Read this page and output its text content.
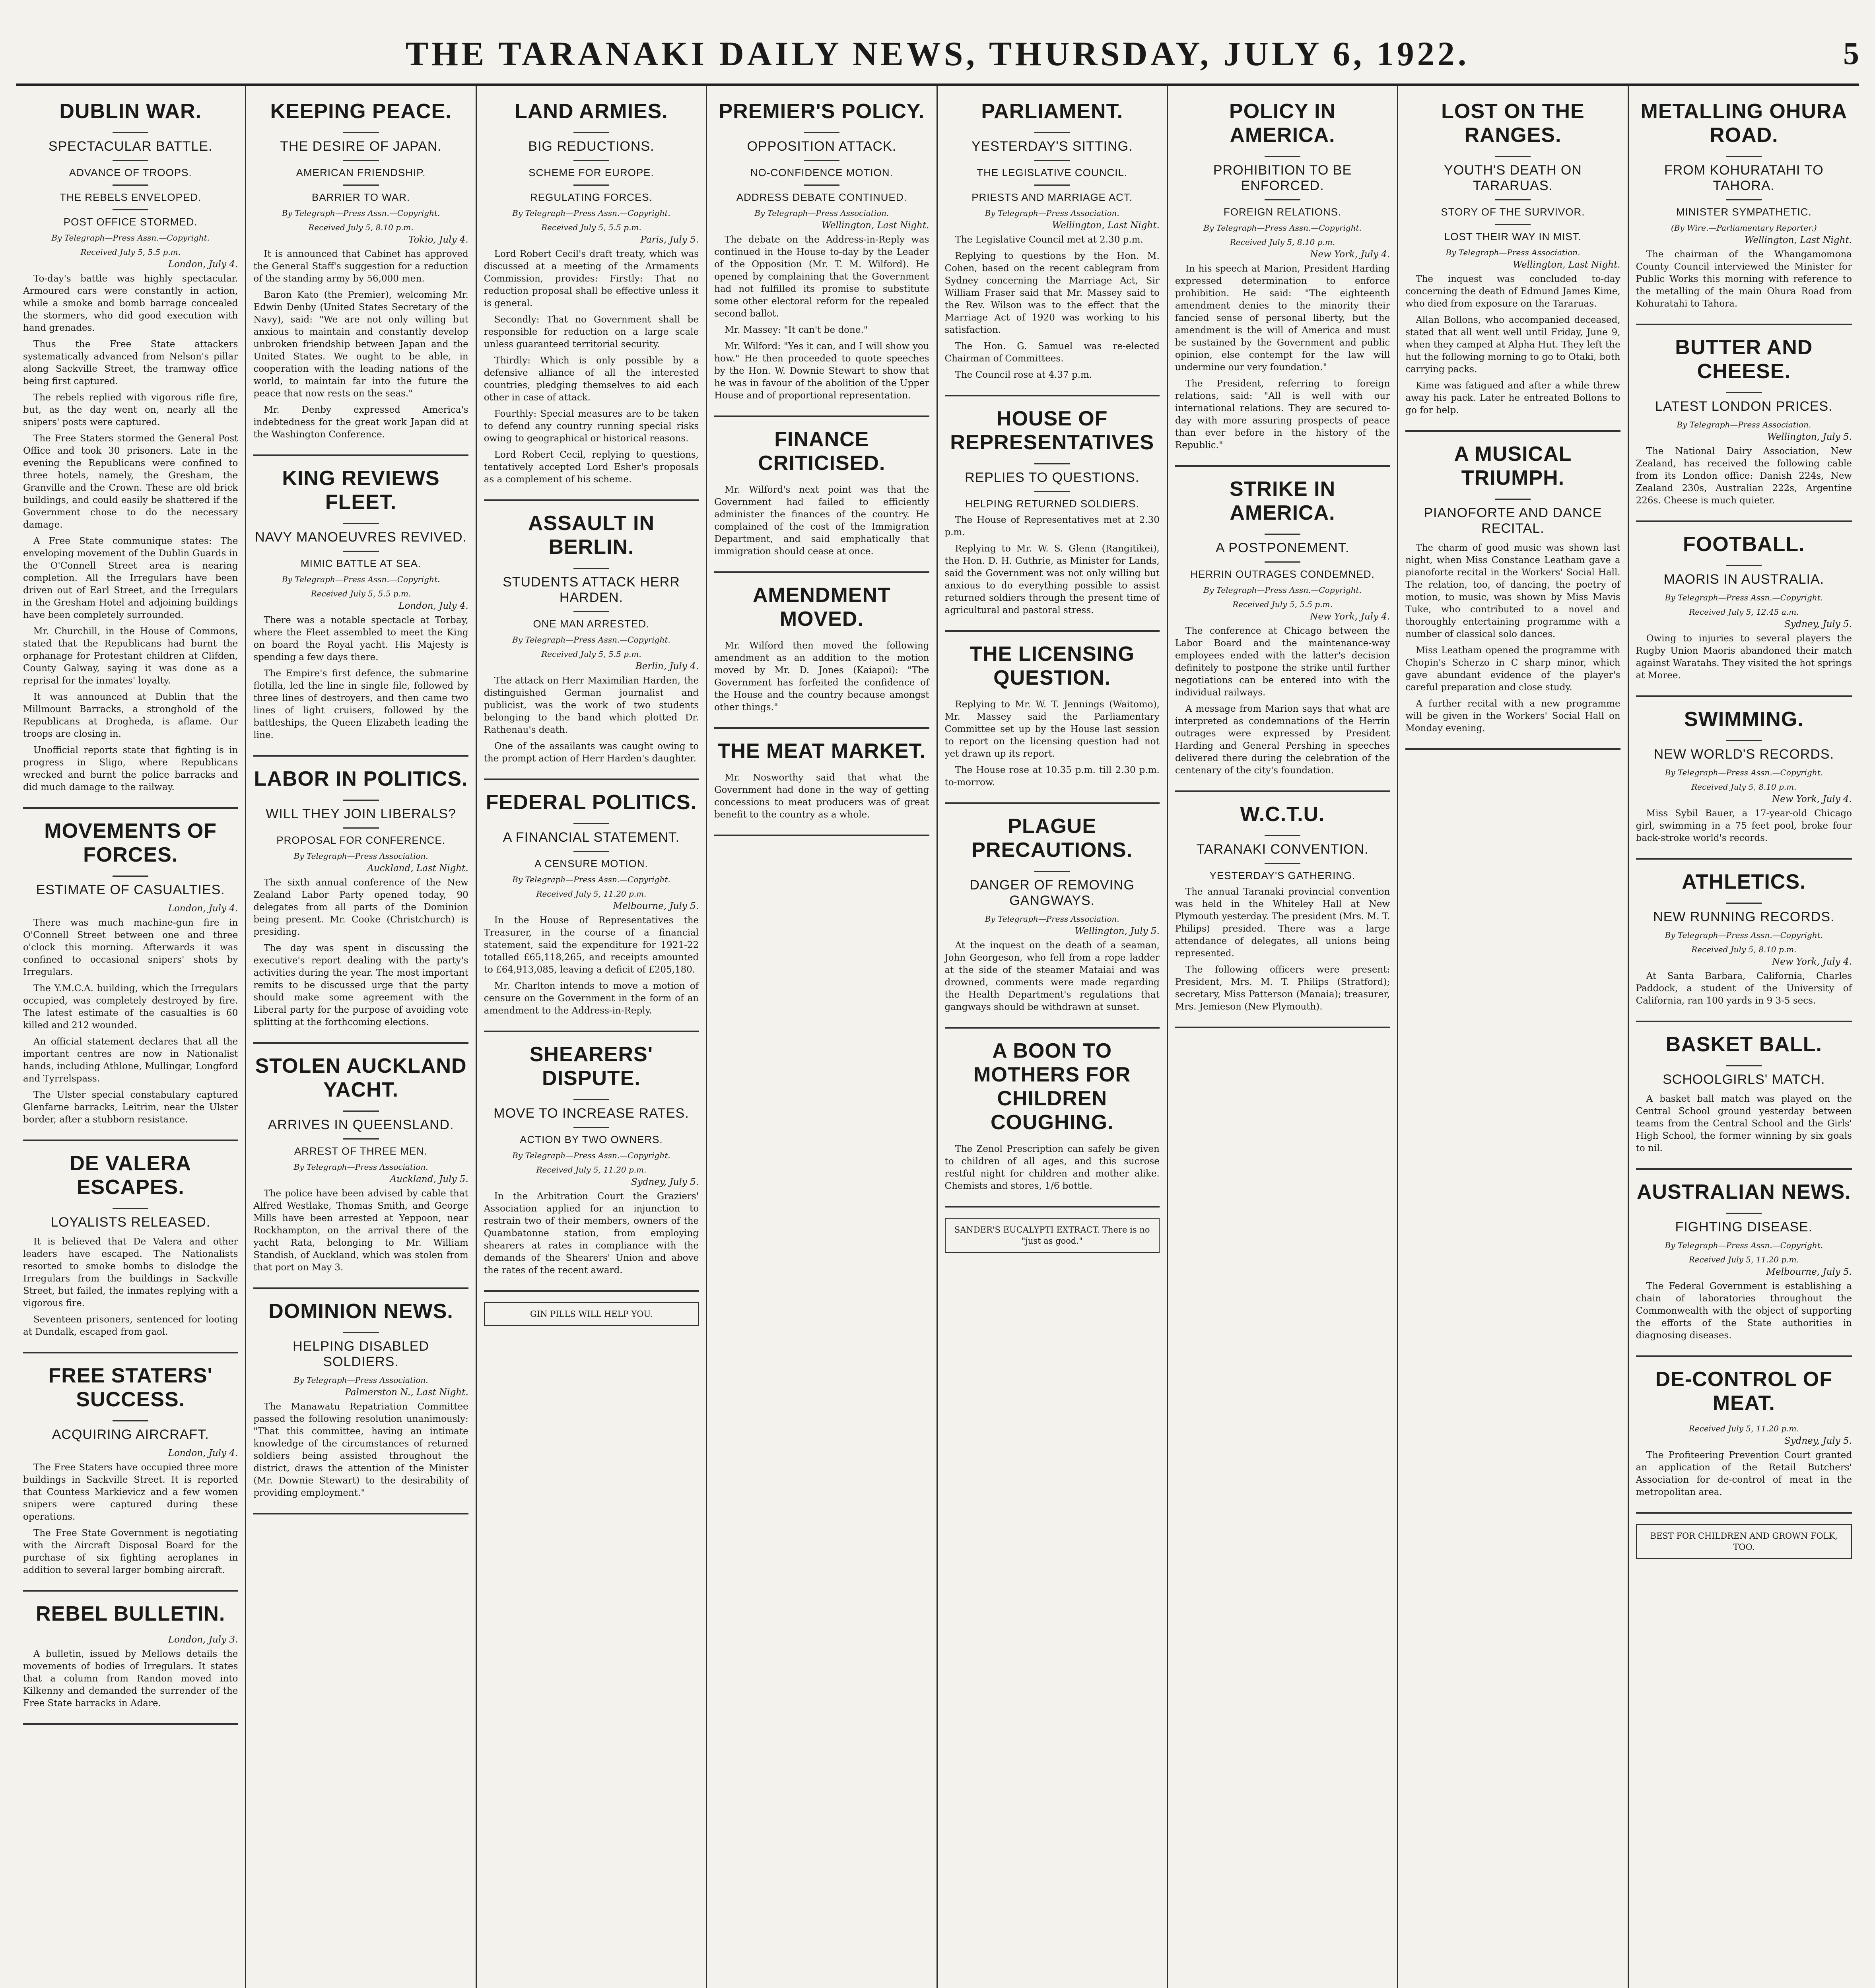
THE TARANAKI DAILY NEWS, THURSDAY, JULY 6, 1922.	5
DUBLIN WAR.
SPECTACULAR BATTLE.
ADVANCE OF TROOPS.
THE REBELS ENVELOPED.
POST OFFICE STORMED.
By Telegraph—Press Assn.—Copyright.
Received July 5, 5.5 p.m.
London, July 4.

To-day's battle was highly spectacular. Armoured cars were constantly in action, while a smoke and bomb barrage concealed the stormers, who did good execution with hand grenades.

Thus the Free State attackers systematically advanced from Nelson's pillar along Sackville Street, the tramway office being first captured.

The rebels replied with vigorous rifle fire, but, as the day went on, nearly all the snipers' posts were captured.

The Free Staters stormed the General Post Office and took 30 prisoners. Late in the evening the Republicans were confined to three hotels, namely, the Gresham, the Granville and the Crown. These are old brick buildings, and could easily be shattered if the Government chose to do the necessary damage.

A Free State communique states: The enveloping movement of the Dublin Guards in the O'Connell Street area is nearing completion. All the Irregulars have been driven out of Earl Street, and the Irregulars in the Gresham Hotel and adjoining buildings have been completely surrounded.

Mr. Churchill, in the House of Commons, stated that the Republicans had burnt the orphanage for Protestant children at Clifden, County Galway, saying it was done as a reprisal for the inmates' loyalty.

It was announced at Dublin that the Millmount Barracks, a stronghold of the Republicans at Drogheda, is aflame. Our troops are closing in.

Unofficial reports state that fighting is in progress in Sligo, where Republicans wrecked and burnt the police barracks and did much damage to the railway.

MOVEMENTS OF FORCES.
ESTIMATE OF CASUALTIES.
London, July 4.

There was much machine-gun fire in O'Connell Street between one and three o'clock this morning. Afterwards it was confined to occasional snipers' shots by Irregulars.

The Y.M.C.A. building, which the Irregulars occupied, was completely destroyed by fire. The latest estimate of the casualties is 60 killed and 212 wounded.

An official statement declares that all the important centres are now in Nationalist hands, including Athlone, Mullingar, Longford and Tyrrelspass.

The Ulster special constabulary captured Glenfarne barracks, Leitrim, near the Ulster border, after a stubborn resistance.

DE VALERA ESCAPES.
LOYALISTS RELEASED.

It is believed that De Valera and other leaders have escaped. The Nationalists resorted to smoke bombs to dislodge the Irregulars from the buildings in Sackville Street, but failed, the inmates replying with a vigorous fire.

Seventeen prisoners, sentenced for looting at Dundalk, escaped from gaol.

FREE STATERS' SUCCESS.
ACQUIRING AIRCRAFT.
London, July 4.

The Free Staters have occupied three more buildings in Sackville Street. It is reported that Countess Markievicz and a few women snipers were captured during these operations.

The Free State Government is negotiating with the Aircraft Disposal Board for the purchase of six fighting aeroplanes in addition to several larger bombing aircraft.

REBEL BULLETIN.
London, July 3.

A bulletin, issued by Mellows details the movements of bodies of Irregulars. It states that a column from Randon moved into Kilkenny and demanded the surrender of the Free State barracks in Adare.

KEEPING PEACE.
THE DESIRE OF JAPAN.
AMERICAN FRIENDSHIP.
BARRIER TO WAR.
By Telegraph—Press Assn.—Copyright.
Received July 5, 8.10 p.m.
Tokio, July 4.

It is announced that Cabinet has approved the General Staff's suggestion for a reduction of the standing army by 56,000 men.

Baron Kato (the Premier), welcoming Mr. Edwin Denby (United States Secretary of the Navy), said: "We are not only willing but anxious to maintain and constantly develop unbroken friendship between Japan and the United States. We ought to be able, in cooperation with the leading nations of the world, to maintain far into the future the peace that now rests on the seas."

Mr. Denby expressed America's indebtedness for the great work Japan did at the Washington Conference.

KING REVIEWS FLEET.
NAVY MANOEUVRES REVIVED.
MIMIC BATTLE AT SEA.
By Telegraph—Press Assn.—Copyright.
Received July 5, 5.5 p.m.
London, July 4.

There was a notable spectacle at Torbay, where the Fleet assembled to meet the King on board the Royal yacht. His Majesty is spending a few days there.

The Empire's first defence, the submarine flotilla, led the line in single file, followed by three lines of destroyers, and then came two lines of light cruisers, followed by the battleships, the Queen Elizabeth leading the line.

LABOR IN POLITICS.
WILL THEY JOIN LIBERALS?
PROPOSAL FOR CONFERENCE.
By Telegraph—Press Association.
Auckland, Last Night.

The sixth annual conference of the New Zealand Labor Party opened today, 90 delegates from all parts of the Dominion being present. Mr. Cooke (Christchurch) is presiding.

The day was spent in discussing the executive's report dealing with the party's activities during the year. The most important remits to be discussed urge that the party should make some agreement with the Liberal party for the purpose of avoiding vote splitting at the forthcoming elections.

STOLEN AUCKLAND YACHT.
ARRIVES IN QUEENSLAND.
ARREST OF THREE MEN.
By Telegraph—Press Association.
Auckland, July 5.

The police have been advised by cable that Alfred Westlake, Thomas Smith, and George Mills have been arrested at Yeppoon, near Rockhampton, on the arrival there of the yacht Rata, belonging to Mr. William Standish, of Auckland, which was stolen from that port on May 3.

DOMINION NEWS.
HELPING DISABLED SOLDIERS.
By Telegraph—Press Association.
Palmerston N., Last Night.

The Manawatu Repatriation Committee passed the following resolution unanimously: "That this committee, having an intimate knowledge of the circumstances of returned soldiers being assisted throughout the district, draws the attention of the Minister (Mr. Downie Stewart) to the desirability of providing employment."

LAND ARMIES.
BIG REDUCTIONS.
SCHEME FOR EUROPE.
REGULATING FORCES.
By Telegraph—Press Assn.—Copyright.
Received July 5, 5.5 p.m.
Paris, July 5.

Lord Robert Cecil's draft treaty, which was discussed at a meeting of the Armaments Commission, provides: Firstly: That no reduction proposal shall be effective unless it is general.

Secondly: That no Government shall be responsible for reduction on a large scale unless guaranteed territorial security.

Thirdly: Which is only possible by a defensive alliance of all the interested countries, pledging themselves to aid each other in case of attack.

Fourthly: Special measures are to be taken to defend any country running special risks owing to geographical or historical reasons.

Lord Robert Cecil, replying to questions, tentatively accepted Lord Esher's proposals as a complement of his scheme.

ASSAULT IN BERLIN.
STUDENTS ATTACK HERR HARDEN.
ONE MAN ARRESTED.
By Telegraph—Press Assn.—Copyright.
Received July 5, 5.5 p.m.
Berlin, July 4.

The attack on Herr Maximilian Harden, the distinguished German journalist and publicist, was the work of two students belonging to the band which plotted Dr. Rathenau's death.

One of the assailants was caught owing to the prompt action of Herr Harden's daughter.

FEDERAL POLITICS.
A FINANCIAL STATEMENT.
A CENSURE MOTION.
By Telegraph—Press Assn.—Copyright.
Received July 5, 11.20 p.m.
Melbourne, July 5.

In the House of Representatives the Treasurer, in the course of a financial statement, said the expenditure for 1921-22 totalled £65,118,265, and receipts amounted to £64,913,085, leaving a deficit of £205,180.

Mr. Charlton intends to move a motion of censure on the Government in the form of an amendment to the Address-in-Reply.

SHEARERS' DISPUTE.
MOVE TO INCREASE RATES.
ACTION BY TWO OWNERS.
By Telegraph—Press Assn.—Copyright.
Received July 5, 11.20 p.m.
Sydney, July 5.

In the Arbitration Court the Graziers' Association applied for an injunction to restrain two of their members, owners of the Quambatonne station, from employing shearers at rates in compliance with the demands of the Shearers' Union and above the rates of the recent award.

GIN PILLS WILL HELP YOU.
PREMIER'S POLICY.
OPPOSITION ATTACK.
NO-CONFIDENCE MOTION.
ADDRESS DEBATE CONTINUED.
By Telegraph—Press Association.
Wellington, Last Night.

The debate on the Address-in-Reply was continued in the House to-day by the Leader of the Opposition (Mr. T. M. Wilford). He opened by complaining that the Government had not fulfilled its promise to substitute some other electoral reform for the repealed second ballot.

Mr. Massey: "It can't be done."

Mr. Wilford: "Yes it can, and I will show you how." He then proceeded to quote speeches by the Hon. W. Downie Stewart to show that he was in favour of the abolition of the Upper House and of proportional representation.

FINANCE CRITICISED.

Mr. Wilford's next point was that the Government had failed to efficiently administer the finances of the country. He complained of the cost of the Immigration Department, and said emphatically that immigration should cease at once.

AMENDMENT MOVED.

Mr. Wilford then moved the following amendment as an addition to the motion moved by Mr. D. Jones (Kaiapoi): "The Government has forfeited the confidence of the House and the country because amongst other things."

THE MEAT MARKET.

Mr. Nosworthy said that what the Government had done in the way of getting concessions to meat producers was of great benefit to the country as a whole.

PARLIAMENT.
YESTERDAY'S SITTING.
THE LEGISLATIVE COUNCIL.
PRIESTS AND MARRIAGE ACT.
By Telegraph—Press Association.
Wellington, Last Night.

The Legislative Council met at 2.30 p.m.

Replying to questions by the Hon. M. Cohen, based on the recent cablegram from Sydney concerning the Marriage Act, Sir William Fraser said that Mr. Massey said to the Rev. Wilson was to the effect that the Marriage Act of 1920 was working to his satisfaction.

The Hon. G. Samuel was re-elected Chairman of Committees.

The Council rose at 4.37 p.m.

HOUSE OF REPRESENTATIVES
REPLIES TO QUESTIONS.
HELPING RETURNED SOLDIERS.

The House of Representatives met at 2.30 p.m.

Replying to Mr. W. S. Glenn (Rangitikei), the Hon. D. H. Guthrie, as Minister for Lands, said the Government was not only willing but anxious to do everything possible to assist returned soldiers through the present time of agricultural and pastoral stress.

THE LICENSING QUESTION.

Replying to Mr. W. T. Jennings (Waitomo), Mr. Massey said the Parliamentary Committee set up by the House last session to report on the licensing question had not yet drawn up its report.

The House rose at 10.35 p.m. till 2.30 p.m. to-morrow.

PLAGUE PRECAUTIONS.
DANGER OF REMOVING GANGWAYS.
By Telegraph—Press Association.
Wellington, July 5.

At the inquest on the death of a seaman, John Georgeson, who fell from a rope ladder at the side of the steamer Mataiai and was drowned, comments were made regarding the Health Department's regulations that gangways should be withdrawn at sunset.

A BOON TO MOTHERS FOR CHILDREN COUGHING.

The Zenol Prescription can safely be given to children of all ages, and this sucrose restful night for children and mother alike. Chemists and stores, 1/6 bottle.

SANDER'S EUCALYPTI EXTRACT. There is no "just as good."
POLICY IN AMERICA.
PROHIBITION TO BE ENFORCED.
FOREIGN RELATIONS.
By Telegraph—Press Assn.—Copyright.
Received July 5, 8.10 p.m.
New York, July 4.

In his speech at Marion, President Harding expressed determination to enforce prohibition. He said: "The eighteenth amendment denies to the minority their fancied sense of personal liberty, but the amendment is the will of America and must be sustained by the Government and public opinion, else contempt for the law will undermine our very foundation."

The President, referring to foreign relations, said: "All is well with our international relations. They are secured to-day with more assuring prospects of peace than ever before in the history of the Republic."

STRIKE IN AMERICA.
A POSTPONEMENT.
HERRIN OUTRAGES CONDEMNED.
By Telegraph—Press Assn.—Copyright.
Received July 5, 5.5 p.m.
New York, July 4.

The conference at Chicago between the Labor Board and the maintenance-way employees ended with the latter's decision definitely to postpone the strike until further negotiations can be entered into with the individual railways.

A message from Marion says that what are interpreted as condemnations of the Herrin outrages were expressed by President Harding and General Pershing in speeches delivered there during the celebration of the centenary of the city's foundation.

W.C.T.U.
TARANAKI CONVENTION.
YESTERDAY'S GATHERING.

The annual Taranaki provincial convention was held in the Whiteley Hall at New Plymouth yesterday. The president (Mrs. M. T. Philips) presided. There was a large attendance of delegates, all unions being represented.

The following officers were present: President, Mrs. M. T. Philips (Stratford); secretary, Miss Patterson (Manaia); treasurer, Mrs. Jemieson (New Plymouth).

LOST ON THE RANGES.
YOUTH'S DEATH ON TARARUAS.
STORY OF THE SURVIVOR.
LOST THEIR WAY IN MIST.
By Telegraph—Press Association.
Wellington, Last Night.

The inquest was concluded to-day concerning the death of Edmund James Kime, who died from exposure on the Tararuas.

Allan Bollons, who accompanied deceased, stated that all went well until Friday, June 9, when they camped at Alpha Hut. They left the hut the following morning to go to Otaki, both carrying packs.

Kime was fatigued and after a while threw away his pack. Later he entreated Bollons to go for help.

A MUSICAL TRIUMPH.
PIANOFORTE AND DANCE RECITAL.

The charm of good music was shown last night, when Miss Constance Leatham gave a pianoforte recital in the Workers' Social Hall. The relation, too, of dancing, the poetry of motion, to music, was shown by Miss Mavis Tuke, who contributed to a novel and thoroughly entertaining programme with a number of classical solo dances.

Miss Leatham opened the programme with Chopin's Scherzo in C sharp minor, which gave abundant evidence of the player's careful preparation and close study.

A further recital with a new programme will be given in the Workers' Social Hall on Monday evening.

METALLING OHURA ROAD.
FROM KOHURATAHI TO TAHORA.
MINISTER SYMPATHETIC.
(By Wire.—Parliamentary Reporter.)
Wellington, Last Night.

The chairman of the Whangamomona County Council interviewed the Minister for Public Works this morning with reference to the metalling of the main Ohura Road from Kohuratahi to Tahora.

BUTTER AND CHEESE.
LATEST LONDON PRICES.
By Telegraph—Press Association.
Wellington, July 5.

The National Dairy Association, New Zealand, has received the following cable from its London office: Danish 224s, New Zealand 230s, Australian 222s, Argentine 226s. Cheese is much quieter.

FOOTBALL.
MAORIS IN AUSTRALIA.
By Telegraph—Press Assn.—Copyright.
Received July 5, 12.45 a.m.
Sydney, July 5.

Owing to injuries to several players the Rugby Union Maoris abandoned their match against Waratahs. They visited the hot springs at Moree.

SWIMMING.
NEW WORLD'S RECORDS.
By Telegraph—Press Assn.—Copyright.
Received July 5, 8.10 p.m.
New York, July 4.

Miss Sybil Bauer, a 17-year-old Chicago girl, swimming in a 75 feet pool, broke four back-stroke world's records.

ATHLETICS.
NEW RUNNING RECORDS.
By Telegraph—Press Assn.—Copyright.
Received July 5, 8.10 p.m.
New York, July 4.

At Santa Barbara, California, Charles Paddock, a student of the University of California, ran 100 yards in 9 3-5 secs.

BASKET BALL.
SCHOOLGIRLS' MATCH.

A basket ball match was played on the Central School ground yesterday between teams from the Central School and the Girls' High School, the former winning by six goals to nil.

AUSTRALIAN NEWS.
FIGHTING DISEASE.
By Telegraph—Press Assn.—Copyright.
Received July 5, 11.20 p.m.
Melbourne, July 5.

The Federal Government is establishing a chain of laboratories throughout the Commonwealth with the object of supporting the efforts of the State authorities in diagnosing diseases.

DE-CONTROL OF MEAT.
Received July 5, 11.20 p.m.
Sydney, July 5.

The Profiteering Prevention Court granted an application of the Retail Butchers' Association for de-control of meat in the metropolitan area.

BEST FOR CHILDREN AND GROWN FOLK, TOO.
